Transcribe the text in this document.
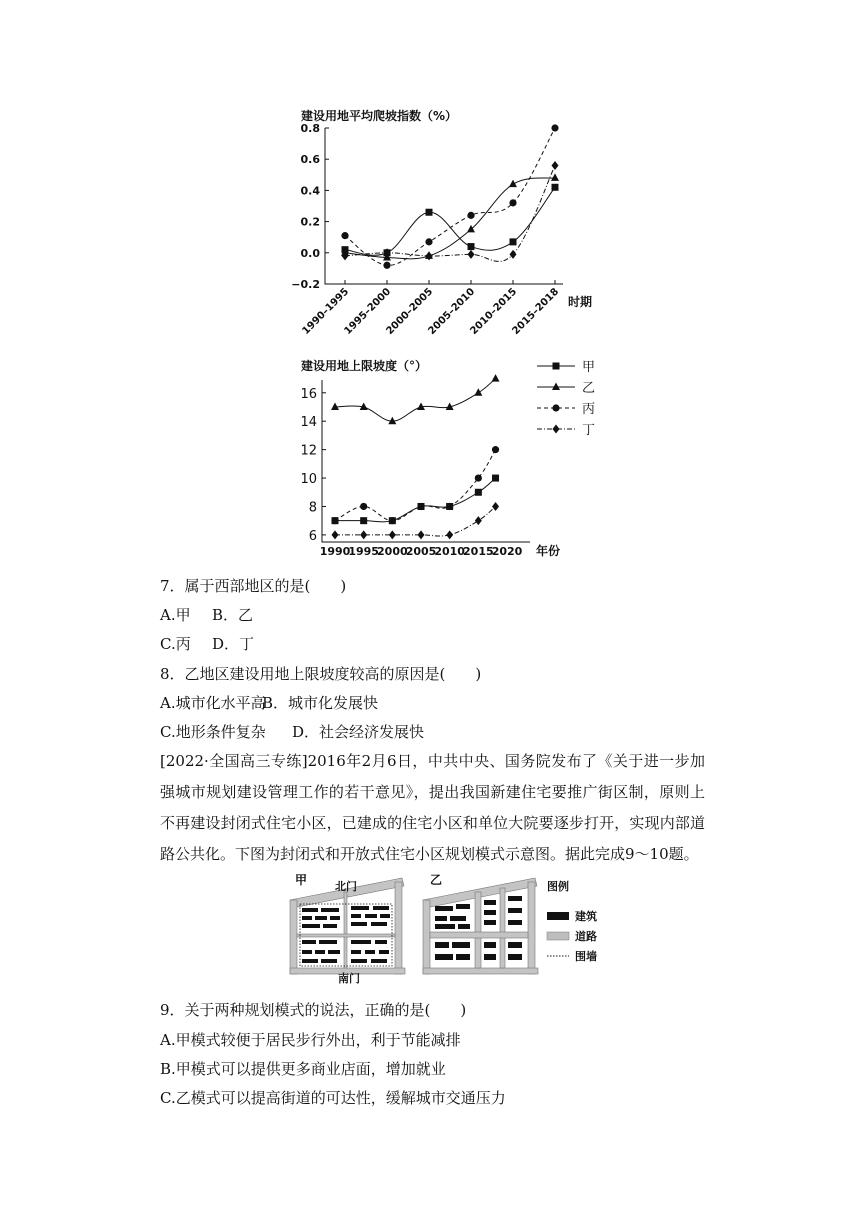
建设用地平均爬坡指数（%）
时期
0.8
0.6
0.4
0.2
0.0
−0.2
1990–1995
1995–2000
2000–2005
2005–2010
2010–2015
2015–2018
建设用地上限坡度（°）
年份
16
14
12
10
8
6
1990
1995
2000
2005
2010
2015
2020
甲
乙
丙
丁
7．属于西部地区的是(　　)
A.甲 B．乙
C.丙 D．丁
8．乙地区建设用地上限坡度较高的原因是(　　)
A.城市化水平高B．城市化发展快
C.地形条件复杂 D．社会经济发展快
[2022·全国高三专练]2016年2月6日，中共中央、国务院发布了《关于进一步加强城市规划建设管理工作的若干意见》，提出我国新建住宅要推广街区制，原则上不再建设封闭式住宅小区，已建成的住宅小区和单位大院要逐步打开，实现内部道路公共化。下图为封闭式和开放式住宅小区规划模式示意图。据此完成9～10题。
甲	乙
北门
南门
图例
建筑
道路
围墙
9．关于两种规划模式的说法，正确的是(　　)
A.甲模式较便于居民步行外出，利于节能减排
B.甲模式可以提供更多商业店面，增加就业
C.乙模式可以提高街道的可达性，缓解城市交通压力
